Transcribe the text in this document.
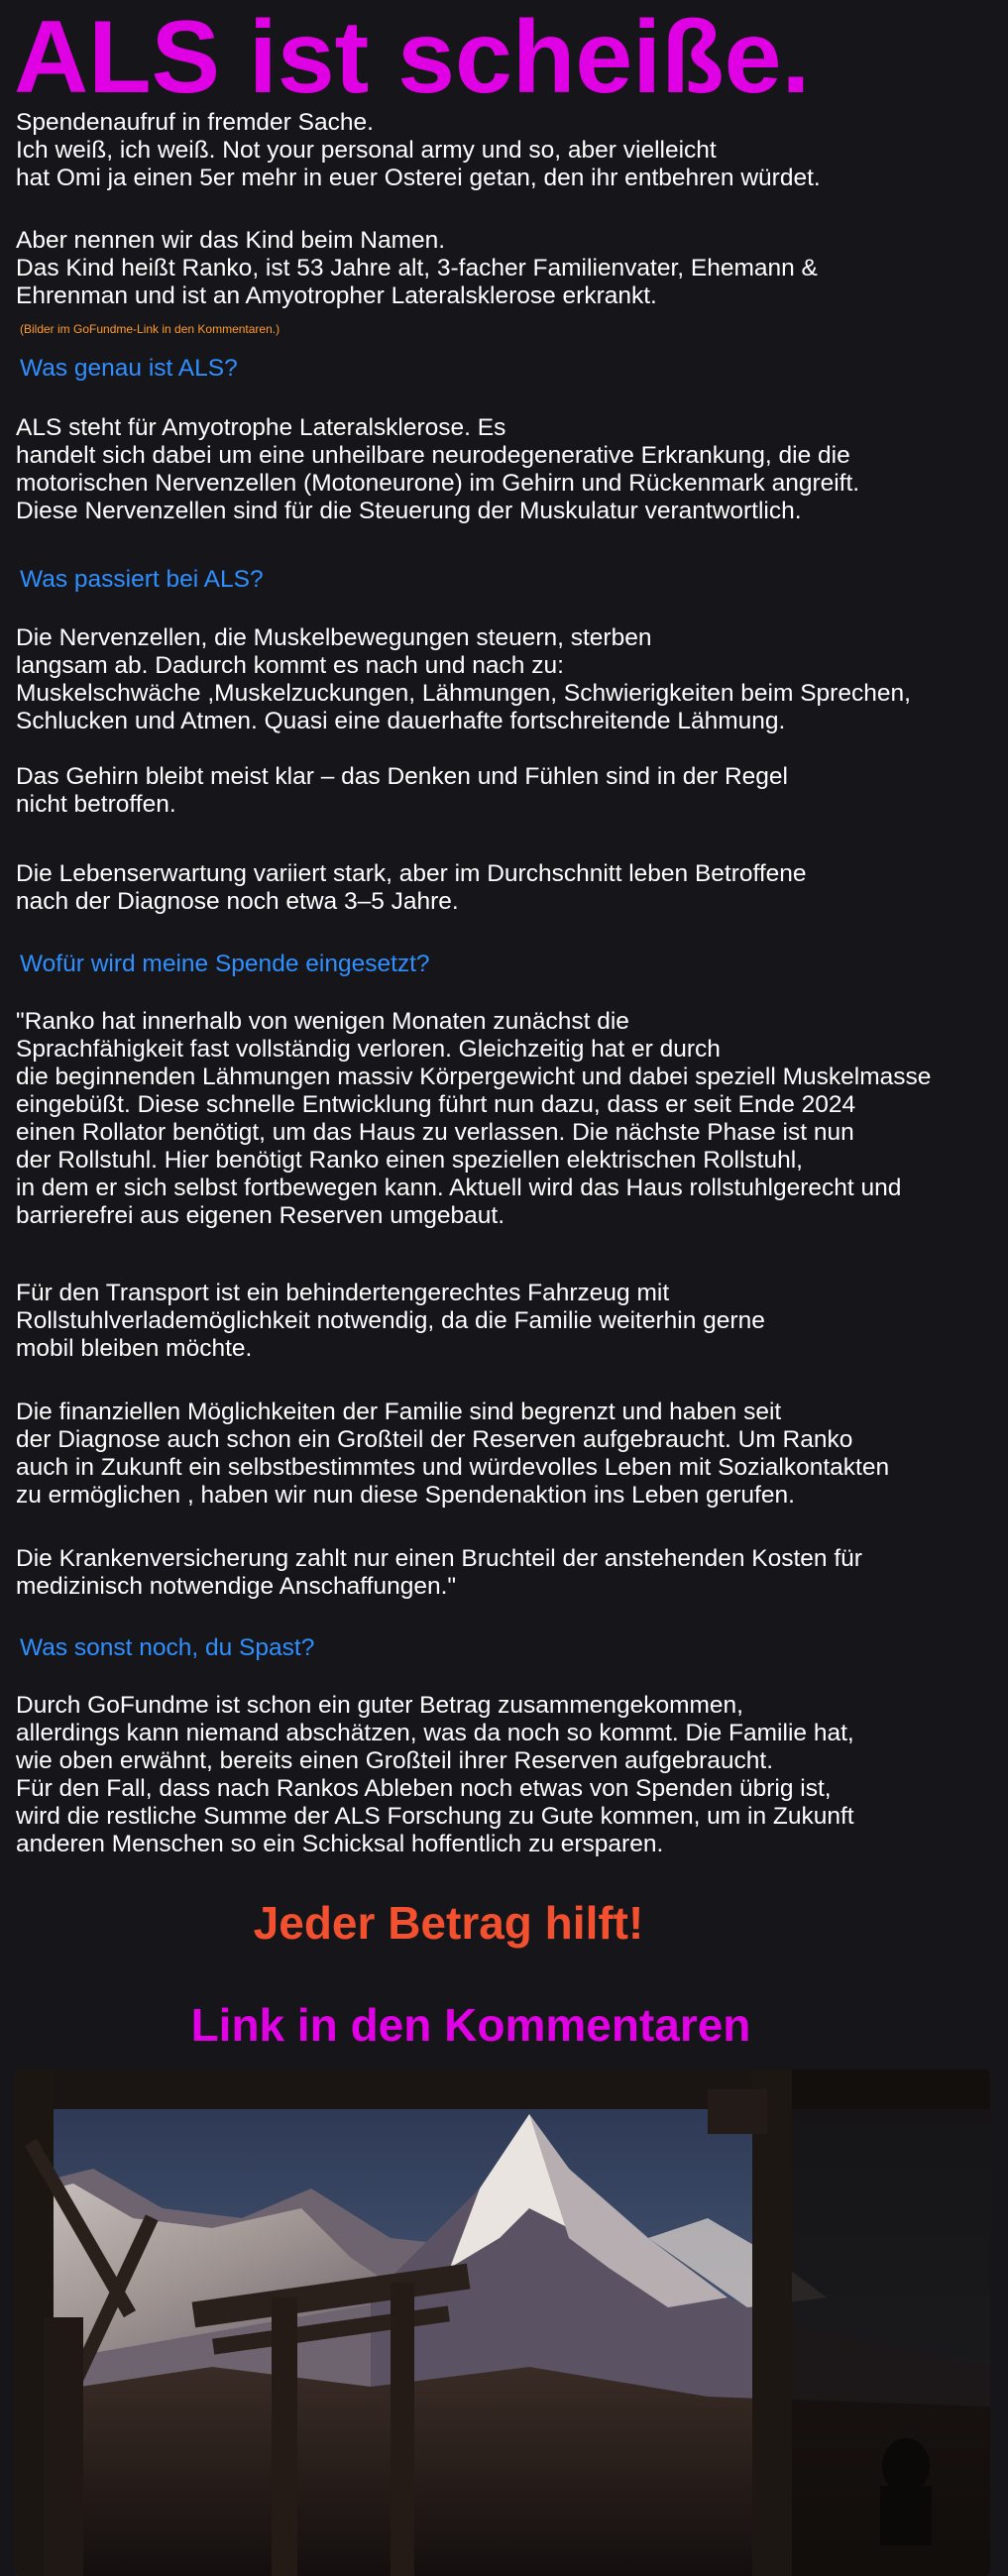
ALS ist scheiße.

Spendenaufruf in fremder Sache.
Ich weiß, ich weiß. Not your personal army und so, aber vielleicht
hat Omi ja einen 5er mehr in euer Osterei getan, den ihr entbehren würdet.

Aber nennen wir das Kind beim Namen.
Das Kind heißt Ranko, ist 53 Jahre alt, 3-facher Familienvater, Ehemann &
Ehrenman und ist an Amyotropher Lateralsklerose erkrankt.

(Bilder im GoFundme-Link in den Kommentaren.)

Was genau ist ALS?

ALS steht für Amyotrophe Lateralsklerose. Es
handelt sich dabei um eine unheilbare neurodegenerative Erkrankung, die die
motorischen Nervenzellen (Motoneurone) im Gehirn und Rückenmark angreift.
Diese Nervenzellen sind für die Steuerung der Muskulatur verantwortlich.

Was passiert bei ALS?

Die Nervenzellen, die Muskelbewegungen steuern, sterben
langsam ab. Dadurch kommt es nach und nach zu:
Muskelschwäche ,Muskelzuckungen, Lähmungen, Schwierigkeiten beim Sprechen,
Schlucken und Atmen. Quasi eine dauerhafte fortschreitende Lähmung.

Das Gehirn bleibt meist klar – das Denken und Fühlen sind in der Regel
nicht betroffen.

Die Lebenserwartung variiert stark, aber im Durchschnitt leben Betroffene
nach der Diagnose noch etwa 3–5 Jahre.

Wofür wird meine Spende eingesetzt?

"Ranko hat innerhalb von wenigen Monaten zunächst die
Sprachfähigkeit fast vollständig verloren. Gleichzeitig hat er durch
die beginnenden Lähmungen massiv Körpergewicht und dabei speziell Muskelmasse
eingebüßt. Diese schnelle Entwicklung führt nun dazu, dass er seit Ende 2024
einen Rollator benötigt, um das Haus zu verlassen. Die nächste Phase ist nun
der Rollstuhl. Hier benötigt Ranko einen speziellen elektrischen Rollstuhl,
in dem er sich selbst fortbewegen kann. Aktuell wird das Haus rollstuhlgerecht und
barrierefrei aus eigenen Reserven umgebaut.

Für den Transport ist ein behindertengerechtes Fahrzeug mit
Rollstuhlverlademöglichkeit notwendig, da die Familie weiterhin gerne
mobil bleiben möchte.

Die finanziellen Möglichkeiten der Familie sind begrenzt und haben seit
der Diagnose auch schon ein Großteil der Reserven aufgebraucht. Um Ranko
auch in Zukunft ein selbstbestimmtes und würdevolles Leben mit Sozialkontakten
zu ermöglichen , haben wir nun diese Spendenaktion ins Leben gerufen.

Die Krankenversicherung zahlt nur einen Bruchteil der anstehenden Kosten für
medizinisch notwendige Anschaffungen."

Was sonst noch, du Spast?

Durch GoFundme ist schon ein guter Betrag zusammengekommen,
allerdings kann niemand abschätzen, was da noch so kommt. Die Familie hat,
wie oben erwähnt, bereits einen Großteil ihrer Reserven aufgebraucht.
Für den Fall, dass nach Rankos Ableben noch etwas von Spenden übrig ist,
wird die restliche Summe der ALS Forschung zu Gute kommen, um in Zukunft
anderen Menschen so ein Schicksal hoffentlich zu ersparen.

Jeder Betrag hilft!

Link in den Kommentaren
